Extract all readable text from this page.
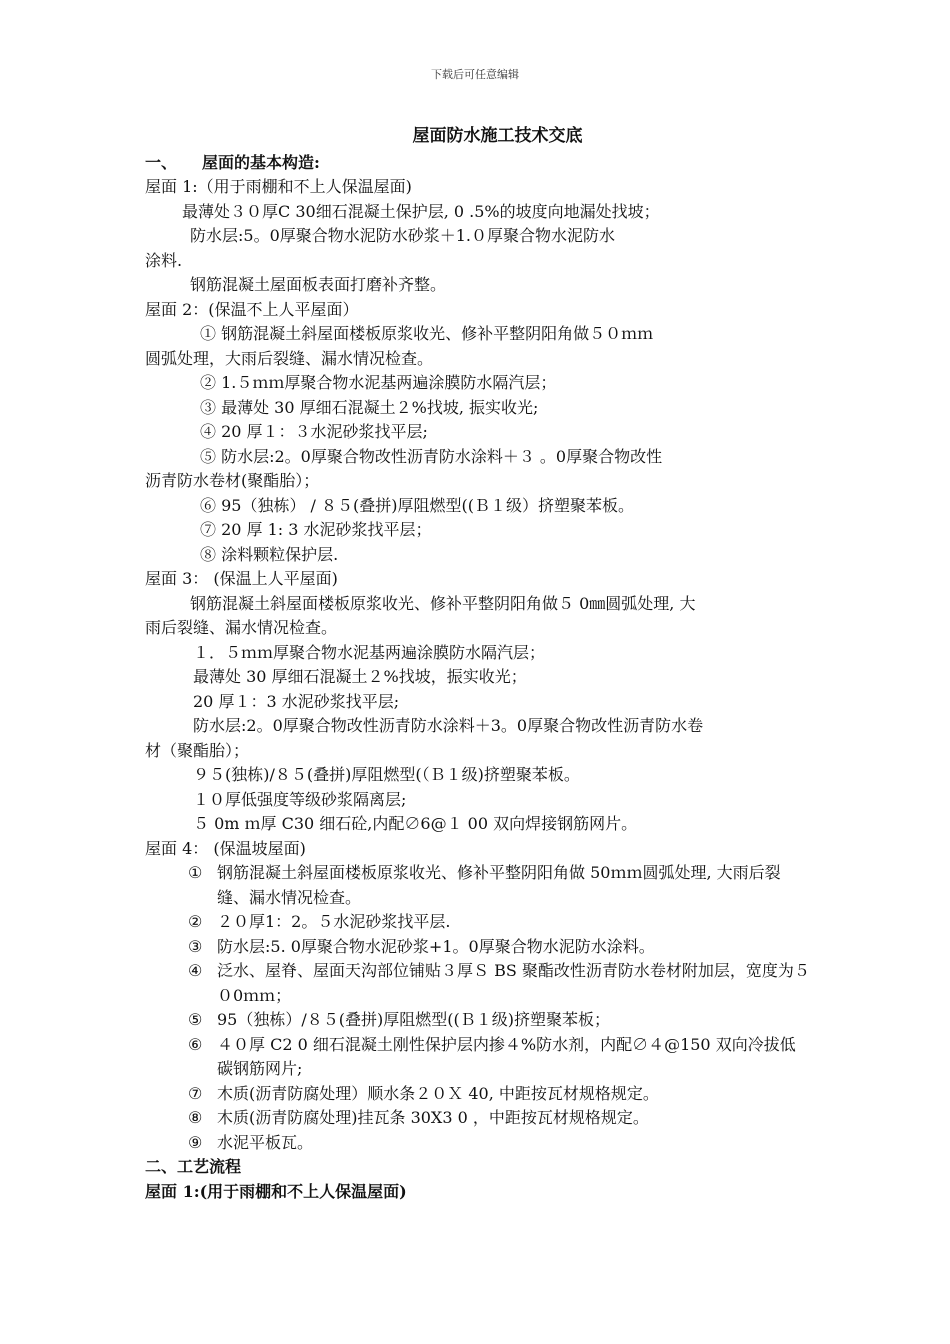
下载后可任意编辑
屋面防水施工技术交底
一、 屋面的基本构造:
屋面 1:（用于雨棚和不上人保温屋面)
最薄处３０厚C 30细石混凝土保护层, 0 .5%的坡度向地漏处找坡；
防水层:5。0厚聚合物水泥防水砂浆＋1.０厚聚合物水泥防水
涂料.
钢筋混凝土屋面板表面打磨补齐整。
屋面 2：(保温不上人平屋面）
① 钢筋混凝土斜屋面楼板原浆收光、修补平整阴阳角做５０ｍｍ
圆弧处理，大雨后裂缝、漏水情况检查。
② 1.５ｍｍ厚聚合物水泥基两遍涂膜防水隔汽层；
③ 最薄处 30 厚细石混凝土２%找坡, 振实收光;
④ 20 厚１：３水泥砂浆找平层;
⑤ 防水层:2。0厚聚合物改性沥青防水涂料＋３ 。0厚聚合物改性
沥青防水卷材(聚酯胎）；
⑥ 95（独栋） / ８５(叠拼)厚阻燃型((Ｂ１级）挤塑聚苯板。
⑦ 20 厚 1: 3 水泥砂浆找平层；
⑧ 涂料颗粒保护层.
屋面 3： (保温上人平屋面)
钢筋混凝土斜屋面楼板原浆收光、修补平整阴阳角做５ 0㎜圆弧处理, 大
雨后裂缝、漏水情况检查。
１．５ｍｍ厚聚合物水泥基两遍涂膜防水隔汽层；
最薄处 30 厚细石混凝土２%找坡，振实收光；
20 厚１：3 水泥砂浆找平层;
防水层:2。0厚聚合物改性沥青防水涂料＋3。0厚聚合物改性沥青防水卷
材（聚酯胎）；
９５(独栋)/８５(叠拼)厚阻燃型(（Ｂ１级)挤塑聚苯板。
１０厚低强度等级砂浆隔离层;
５ 0m ｍ厚 C30 细石砼,内配∅6@１ 00 双向焊接钢筋网片。
屋面 4： (保温坡屋面)
① 钢筋混凝土斜屋面楼板原浆收光、修补平整阴阳角做 50ｍｍ圆弧处理, 大雨后裂缝、漏水情况检查。
② ２０厚1：2。５水泥砂浆找平层.
③ 防水层:5. 0厚聚合物水泥砂浆+1。0厚聚合物水泥防水涂料。
④ 泛水、屋脊、屋面天沟部位铺贴３厚Ｓ BS 聚酯改性沥青防水卷材附加层，宽度为５０0ｍｍ；
⑤ 95（独栋）/８５(叠拼)厚阻燃型((Ｂ１级)挤塑聚苯板；
⑥ ４０厚 C2 0 细石混凝土刚性保护层内掺４%防水剂，内配∅４@150 双向冷拔低碳钢筋网片;
⑦ 木质(沥青防腐处理）顺水条２０Ｘ 40, 中距按瓦材规格规定。
⑧ 木质(沥青防腐处理)挂瓦条 30X3 0 ，中距按瓦材规格规定。
⑨ 水泥平板瓦。
二、工艺流程
屋面 1:(用于雨棚和不上人保温屋面)
